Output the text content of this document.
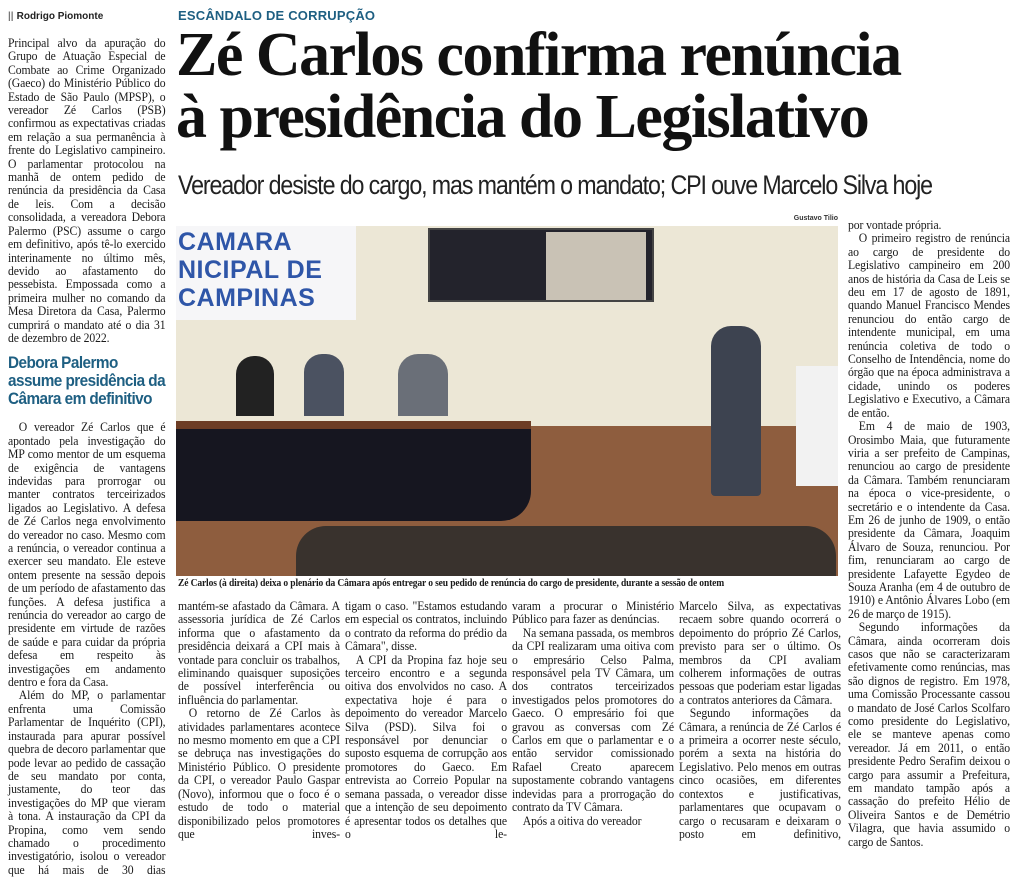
|| Rodrigo Piomonte

Principal alvo da apuração do Grupo de Atuação Especial de Combate ao Crime Organizado (Gaeco) do Ministério Público do Estado de São Paulo (MPSP), o vereador Zé Carlos (PSB) confirmou as expectativas criadas em relação a sua permanência à frente do Legislativo campineiro. O parlamentar protocolou na manhã de ontem pedido de renúncia da presidência da Casa de leis. Com a decisão consolidada, a vereadora Debora Palermo (PSC) assume o cargo em definitivo, após tê-lo exercido interinamente no último mês, devido ao afastamento do pessebista. Empossada como a primeira mulher no comando da Mesa Diretora da Casa, Palermo cumprirá o mandato até o dia 31 de dezembro de 2022.

Debora Palermo assume presidência da Câmara em definitivo

O vereador Zé Carlos que é apontado pela investigação do MP como mentor de um esquema de exigência de vantagens indevidas para prorrogar ou manter contratos terceirizados ligados ao Legislativo. A defesa de Zé Carlos nega envolvimento do vereador no caso. Mesmo com a renúncia, o vereador continua a exercer seu mandato. Ele esteve ontem presente na sessão depois de um período de afastamento das funções. A defesa justifica a renúncia do vereador ao cargo de presidente em virtude de razões de saúde e para cuidar da própria defesa em respeito às investigações em andamento dentro e fora da Casa.

Além do MP, o parlamentar enfrenta uma Comissão Parlamentar de Inquérito (CPI), instaurada para apurar possível quebra de decoro parlamentar que pode levar ao pedido de cassação de seu mandato por conta, justamente, do teor das investigações do MP que vieram à tona. A instauração da CPI da Propina, como vem sendo chamado o procedimento investigatório, isolou o vereador que há mais de 30 dias

ESCÂNDALO DE CORRUPÇÃO
Zé Carlos confirma renúncia
à presidência do Legislativo
Vereador desiste do cargo, mas mantém o mandato; CPI ouve Marcelo Silva hoje
Gustavo Tilio
CAMARA
NICIPAL DE
CAMPINAS
Zé Carlos (à direita) deixa o plenário da Câmara após entregar o seu pedido de renúncia do cargo de presidente, durante a sessão de ontem

mantém-se afastado da Câmara. A assessoria jurídica de Zé Carlos informa que o afastamento da presidência deixará a CPI mais à vontade para concluir os trabalhos, eliminando quaisquer suposições de possível interferência ou influência do parlamentar.

O retorno de Zé Carlos às atividades parlamentares acontece no mesmo momento em que a CPI se debruça nas investigações do Ministério Público. O presidente da CPI, o vereador Paulo Gaspar (Novo), informou que o foco é o estudo de todo o material disponibilizado pelos promotores que inves-

tigam o caso. "Estamos estudando em especial os contratos, incluindo o contrato da reforma do prédio da Câmara", disse.

A CPI da Propina faz hoje seu terceiro encontro e a segunda oitiva dos envolvidos no caso. A expectativa hoje é para o depoimento do vereador Marcelo Silva (PSD). Silva foi o responsável por denunciar o suposto esquema de corrupção aos promotores do Gaeco. Em entrevista ao Correio Popular na semana passada, o vereador disse que a intenção de seu depoimento é apresentar todos os detalhes que o le-

varam a procurar o Ministério Público para fazer as denúncias.

Na semana passada, os membros da CPI realizaram uma oitiva com o empresário Celso Palma, responsável pela TV Câmara, um dos contratos terceirizados investigados pelos promotores do Gaeco. O empresário foi que gravou as conversas com Zé Carlos em que o parlamentar e o então servidor comissionado Rafael Creato aparecem supostamente cobrando vantagens indevidas para a prorrogação do contrato da TV Câmara.

Após a oitiva do vereador

Marcelo Silva, as expectativas recaem sobre quando ocorrerá o depoimento do próprio Zé Carlos, previsto para ser o último. Os membros da CPI avaliam colherem informações de outras pessoas que poderiam estar ligadas a contratos anteriores da Câmara.

Segundo informações da Câmara, a renúncia de Zé Carlos é a primeira a ocorrer neste século, porém a sexta na história do Legislativo. Pelo menos em outras cinco ocasiões, em diferentes contextos e justificativas, parlamentares que ocupavam o cargo o recusaram e deixaram o posto em definitivo,

por vontade própria.

O primeiro registro de renúncia ao cargo de presidente do Legislativo campineiro em 200 anos de história da Casa de Leis se deu em 17 de agosto de 1891, quando Manuel Francisco Mendes renunciou do então cargo de intendente municipal, em uma renúncia coletiva de todo o Conselho de Intendência, nome do órgão que na época administrava a cidade, unindo os poderes Legislativo e Executivo, a Câmara de então.

Em 4 de maio de 1903, Orosimbo Maia, que futuramente viria a ser prefeito de Campinas, renunciou ao cargo de presidente da Câmara. Também renunciaram na época o vice-presidente, o secretário e o intendente da Casa. Em 26 de junho de 1909, o então presidente da Câmara, Joaquim Álvaro de Souza, renunciou. Por fim, renunciaram ao cargo de presidente Lafayette Egydeo de Souza Aranha (em 4 de outubro de 1910) e Antônio Álvares Lobo (em 26 de março de 1915).

Segundo informações da Câmara, ainda ocorreram dois casos que não se caracterizaram efetivamente como renúncias, mas são dignos de registro. Em 1978, uma Comissão Processante cassou o mandato de José Carlos Scolfaro como presidente do Legislativo, ele se manteve apenas como vereador. Já em 2011, o então presidente Pedro Serafim deixou o cargo para assumir a Prefeitura, em mandato tampão após a cassação do prefeito Hélio de Oliveira Santos e de Demétrio Vilagra, que havia assumido o cargo de Santos.
